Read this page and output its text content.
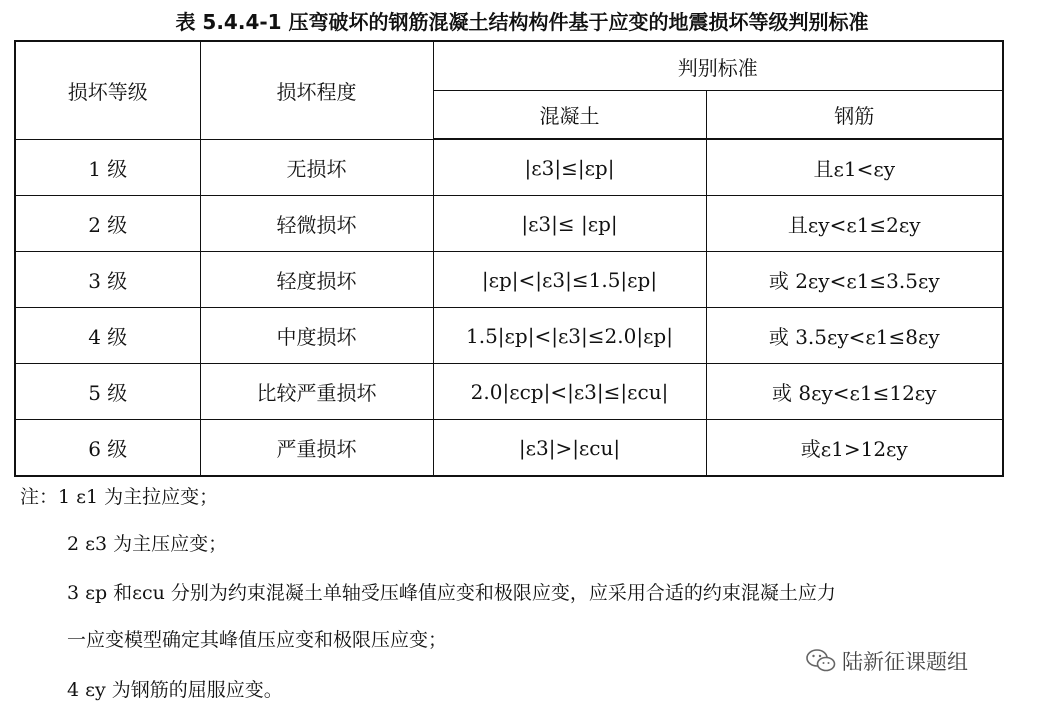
表 5.4.4-1 压弯破坏的钢筋混凝土结构构件基于应变的地震损坏等级判别标准
损坏等级	损坏程度	判别标准	
		混凝土	钢筋
1 级	无损坏	|ε3|≤|εp|	且ε1<εy
2 级	轻微损坏	|ε3|≤ |εp|	且εy<ε1≤2εy
3 级	轻度损坏	|εp|<|ε3|≤1.5|εp|	或 2εy<ε1≤3.5εy
4 级	中度损坏	1.5|εp|<|ε3|≤2.0|εp|	或 3.5εy<ε1≤8εy
5 级	比较严重损坏	2.0|εcp|<|ε3|≤|εcu|	或 8εy<ε1≤12εy
6 级	严重损坏	|ε3|>|εcu|	或ε1>12εy
注：1 ε1 为主拉应变；
2 ε3 为主压应变；
3 εp 和εcu 分别为约束混凝土单轴受压峰值应变和极限应变，应采用合适的约束混凝土应力
一应变模型确定其峰值压应变和极限压应变；
4 εy 为钢筋的屈服应变。
陆新征课题组
